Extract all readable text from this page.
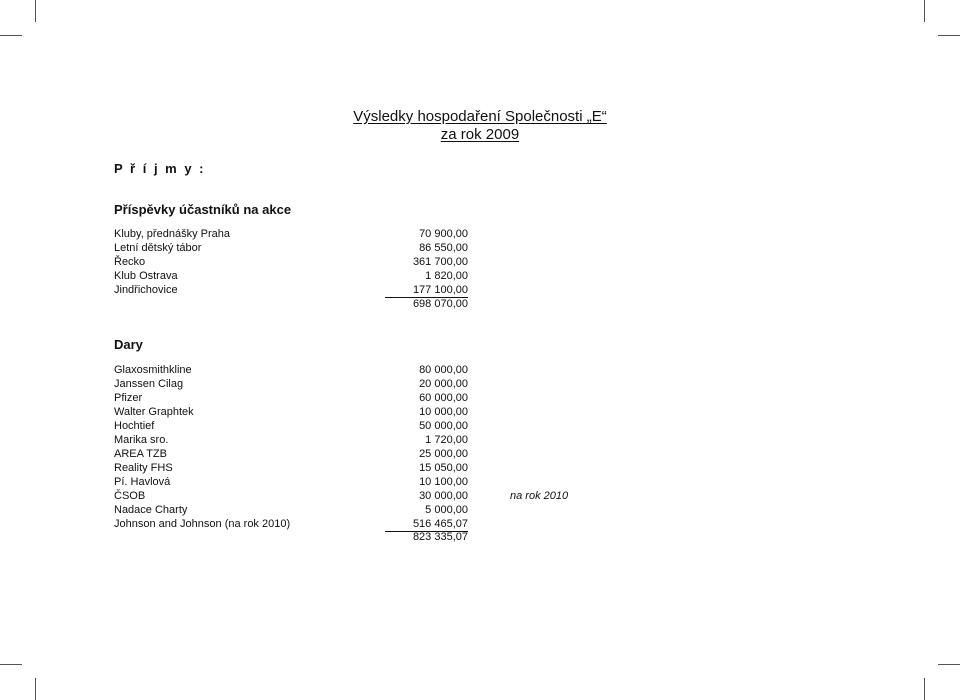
Výsledky hospodaření Společnosti „E“
za rok 2009
P ř í j m y :
Příspěvky účastníků na akce
Kluby, přednášky Praha	70 900,00
Letní dětský tábor	86 550,00
Řecko	361 700,00
Klub Ostrava	1 820,00
Jindřichovice	177 100,00
698 070,00
Dary
Glaxosmithkline	80 000,00
Janssen Cilag	20 000,00
Pfizer	60 000,00
Walter Graphtek	10 000,00
Hochtief	50 000,00
Marika sro.	1 720,00
AREA TZB	25 000,00
Reality FHS	15 050,00
Pí. Havlová	10 100,00
ČSOB	30 000,00	na rok 2010
Nadace Charty	5 000,00
Johnson and Johnson (na rok 2010)	516 465,07
823 335,07
